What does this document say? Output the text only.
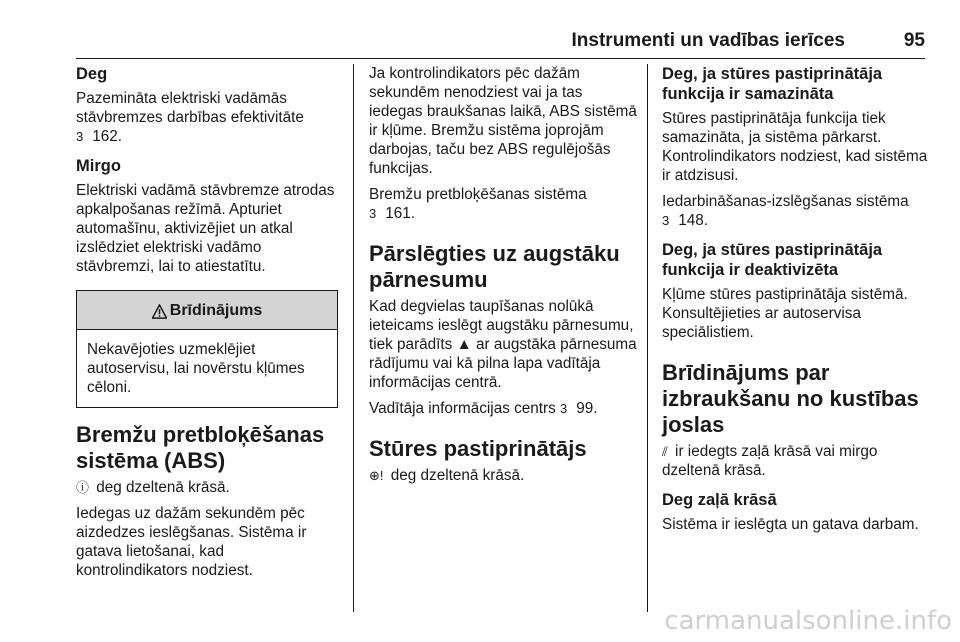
Instrumenti un vadības ierīces	95
Deg
Pazemināta elektriski vadāmās stāvbremzes darbības efektivitāte
3 162.
Mirgo
Elektriski vadāmā stāvbremze atrodas apkalpošanas režīmā. Apturiet automašīnu, aktivizējiet un atkal izslēdziet elektriski vadāmo stāvbremzi, lai to atiestatītu.
Brīdinājums
Nekavējoties uzmeklējiet autoservisu, lai novērstu kļūmes cēloni.
Bremžu pretbloķēšanas sistēma (ABS)
ⓘ deg dzeltenā krāsā.
Iedegas uz dažām sekundēm pēc aizdedzes ieslēgšanas. Sistēma ir gatava lietošanai, kad kontrolindikators nodziest.
Ja kontrolindikators pēc dažām sekundēm nenodziest vai ja tas iedegas braukšanas laikā, ABS sistēmā ir kļūme. Bremžu sistēma joprojām darbojas, taču bez ABS regulējošās funkcijas.
Bremžu pretbloķēšanas sistēma
3 161.
Pārslēgties uz augstāku pārnesumu
Kad degvielas taupīšanas nolūkā ieteicams ieslēgt augstāku pārnesumu, tiek parādīts ▲ ar augstāka pārnesuma rādījumu vai kā pilna lapa vadītāja informācijas centrā.
Vadītāja informācijas centrs 3 99.
Stūres pastiprinātājs
⊕! deg dzeltenā krāsā.
Deg, ja stūres pastiprinātāja funkcija ir samazināta
Stūres pastiprinātāja funkcija tiek samazināta, ja sistēma pārkarst. Kontrolindikators nodziest, kad sistēma ir atdzisusi.
Iedarbināšanas-izslēgšanas sistēma
3 148.
Deg, ja stūres pastiprinātāja funkcija ir deaktivizēta
Kļūme stūres pastiprinātāja sistēmā. Konsultējieties ar autoservisa speciālistiem.
Brīdinājums par izbraukšanu no kustības joslas
⫽ ir iedegts zaļā krāsā vai mirgo dzeltenā krāsā.
Deg zaļā krāsā
Sistēma ir ieslēgta un gatava darbam.
carmanualsonline.info
